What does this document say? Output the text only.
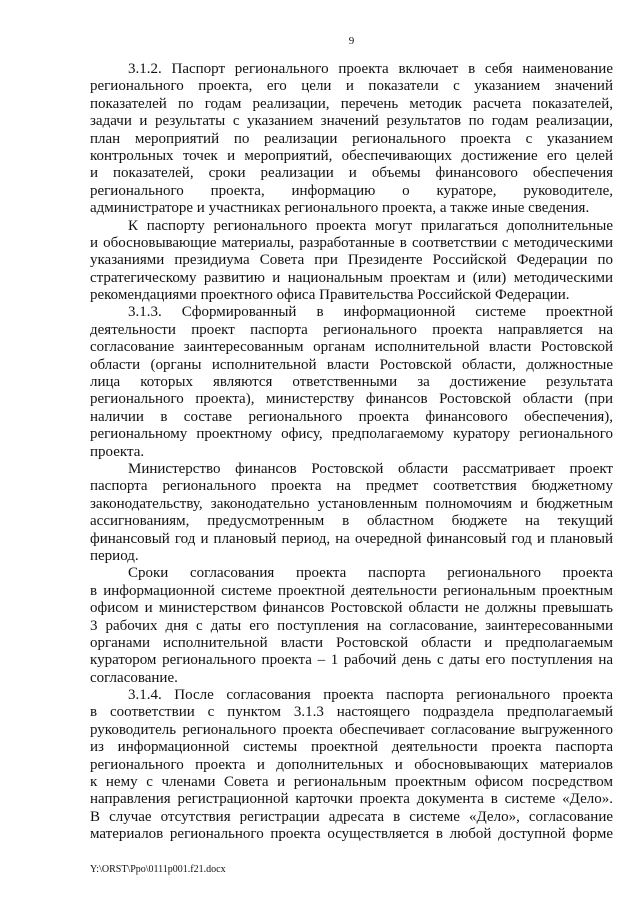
9
3.1.2. Паспорт регионального проекта включает в себя наименование
регионального проекта, его цели и показатели с указанием значений
показателей по годам реализации, перечень методик расчета показателей,
задачи и результаты с указанием значений результатов по годам реализации,
план мероприятий по реализации регионального проекта с указанием
контрольных точек и мероприятий, обеспечивающих достижение его целей
и показателей, сроки реализации и объемы финансового обеспечения
регионального проекта, информацию о кураторе, руководителе,
администраторе и участниках регионального проекта, а также иные сведения.
К паспорту регионального проекта могут прилагаться дополнительные
и обосновывающие материалы, разработанные в соответствии с методическими
указаниями президиума Совета при Президенте Российской Федерации по
стратегическому развитию и национальным проектам и (или) методическими
рекомендациями проектного офиса Правительства Российской Федерации.
3.1.3. Сформированный в информационной системе проектной
деятельности проект паспорта регионального проекта направляется на
согласование заинтересованным органам исполнительной власти Ростовской
области (органы исполнительной власти Ростовской области, должностные
лица которых являются ответственными за достижение результата
регионального проекта), министерству финансов Ростовской области (при
наличии в составе регионального проекта финансового обеспечения),
региональному проектному офису, предполагаемому куратору регионального
проекта.
Министерство финансов Ростовской области рассматривает проект
паспорта регионального проекта на предмет соответствия бюджетному
законодательству, законодательно установленным полномочиям и бюджетным
ассигнованиям, предусмотренным в областном бюджете на текущий
финансовый год и плановый период, на очередной финансовый год и плановый
период.
Сроки согласования проекта паспорта регионального проекта
в информационной системе проектной деятельности региональным проектным
офисом и министерством финансов Ростовской области не должны превышать
3 рабочих дня с даты его поступления на согласование, заинтересованными
органами исполнительной власти Ростовской области и предполагаемым
куратором регионального проекта – 1 рабочий день с даты его поступления на
согласование.
3.1.4. После согласования проекта паспорта регионального проекта
в соответствии с пунктом 3.1.3 настоящего подраздела предполагаемый
руководитель регионального проекта обеспечивает согласование выгруженного
из информационной системы проектной деятельности проекта паспорта
регионального проекта и дополнительных и обосновывающих материалов
к нему с членами Совета и региональным проектным офисом посредством
направления регистрационной карточки проекта документа в системе «Дело».
В случае отсутствия регистрации адресата в системе «Дело», согласование
материалов регионального проекта осуществляется в любой доступной форме
Y:\ORST\Ppo\0111p001.f21.docx
